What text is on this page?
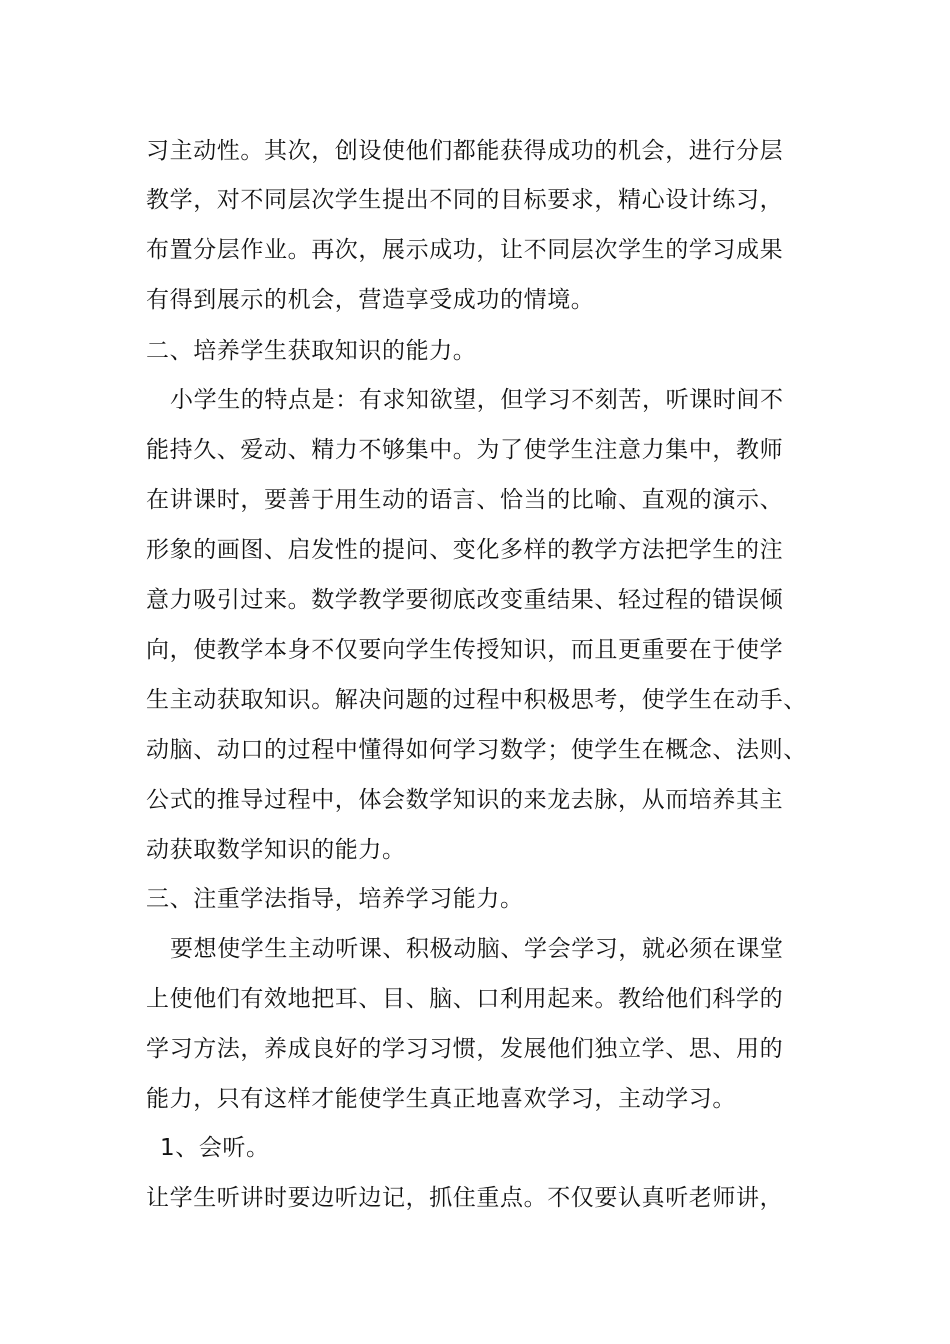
习主动性。其次，创设使他们都能获得成功的机会，进行分层
教学，对不同层次学生提出不同的目标要求，精心设计练习，
布置分层作业。再次，展示成功，让不同层次学生的学习成果
有得到展示的机会，营造享受成功的情境。
二、培养学生获取知识的能力。
小学生的特点是：有求知欲望，但学习不刻苦，听课时间不
能持久、爱动、精力不够集中。为了使学生注意力集中，教师
在讲课时，要善于用生动的语言、恰当的比喻、直观的演示、
形象的画图、启发性的提问、变化多样的教学方法把学生的注
意力吸引过来。数学教学要彻底改变重结果、轻过程的错误倾
向，使教学本身不仅要向学生传授知识，而且更重要在于使学
生主动获取知识。解决问题的过程中积极思考，使学生在动手、
动脑、动口的过程中懂得如何学习数学；使学生在概念、法则、
公式的推导过程中，体会数学知识的来龙去脉，从而培养其主
动获取数学知识的能力。
三、注重学法指导，培养学习能力。
要想使学生主动听课、积极动脑、学会学习，就必须在课堂
上使他们有效地把耳、目、脑、口利用起来。教给他们科学的
学习方法，养成良好的学习习惯，发展他们独立学、思、用的
能力，只有这样才能使学生真正地喜欢学习，主动学习。
1、会听。
让学生听讲时要边听边记，抓住重点。不仅要认真听老师讲，
